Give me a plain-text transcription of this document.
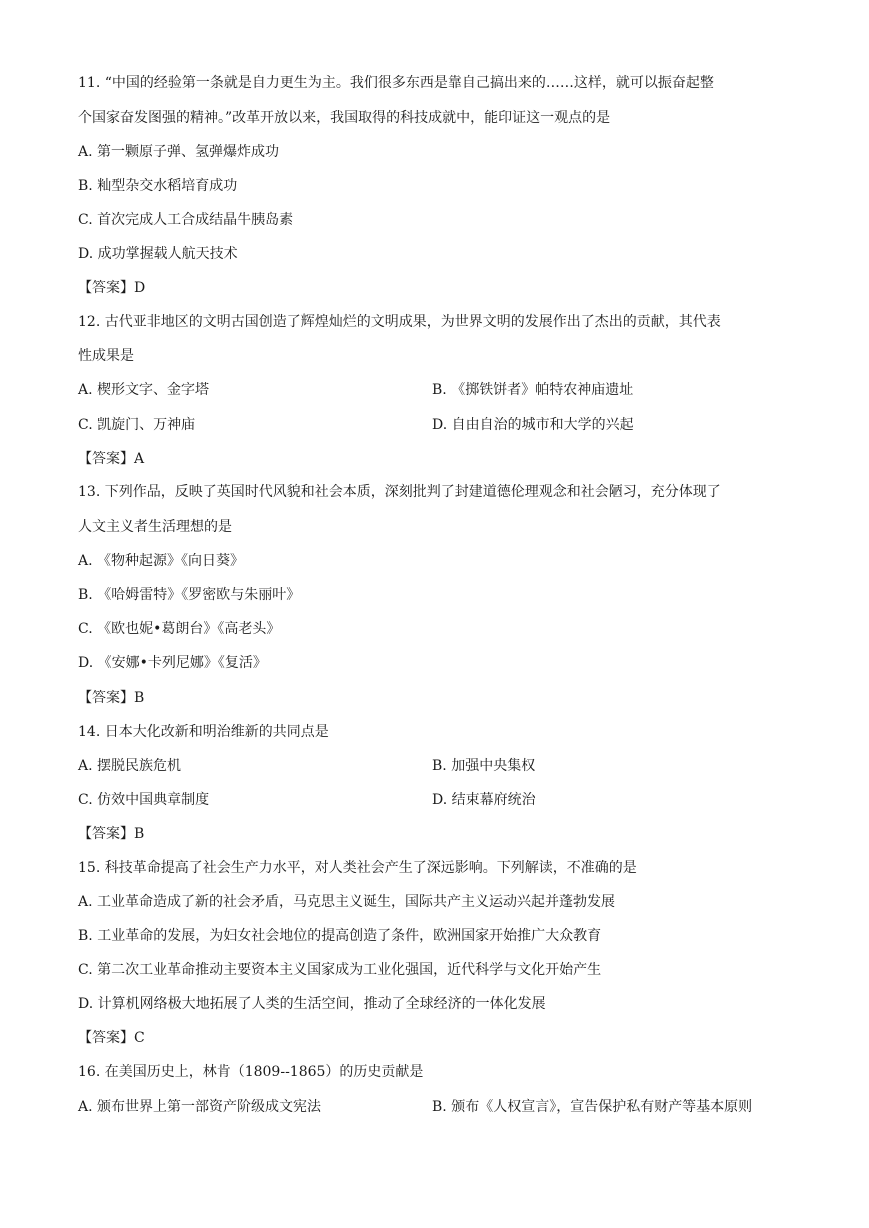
11. “中国的经验第一条就是自力更生为主。我们很多东西是靠自己搞出来的……这样，就可以振奋起整
个国家奋发图强的精神。”改革开放以来，我国取得的科技成就中，能印证这一观点的是
A. 第一颗原子弹、氢弹爆炸成功
B. 籼型杂交水稻培育成功
C. 首次完成人工合成结晶牛胰岛素
D. 成功掌握载人航天技术
【答案】D
12. 古代亚非地区的文明古国创造了辉煌灿烂的文明成果，为世界文明的发展作出了杰出的贡献，其代表
性成果是
A. 楔形文字、金字塔	B. 《掷铁饼者》帕特农神庙遗址
C. 凯旋门、万神庙	D. 自由自治的城市和大学的兴起
【答案】A
13. 下列作品，反映了英国时代风貌和社会本质，深刻批判了封建道德伦理观念和社会陋习，充分体现了
人文主义者生活理想的是
A. 《物种起源》《向日葵》
B. 《哈姆雷特》《罗密欧与朱丽叶》
C. 《欧也妮•葛朗台》《高老头》
D. 《安娜•卡列尼娜》《复活》
【答案】B
14. 日本大化改新和明治维新的共同点是
A. 摆脱民族危机	B. 加强中央集权
C. 仿效中国典章制度	D. 结束幕府统治
【答案】B
15. 科技革命提高了社会生产力水平，对人类社会产生了深远影响。下列解读，不准确的是
A. 工业革命造成了新的社会矛盾，马克思主义诞生，国际共产主义运动兴起并蓬勃发展
B. 工业革命的发展，为妇女社会地位的提高创造了条件，欧洲国家开始推广大众教育
C. 第二次工业革命推动主要资本主义国家成为工业化强国，近代科学与文化开始产生
D. 计算机网络极大地拓展了人类的生活空间，推动了全球经济的一体化发展
【答案】C
16. 在美国历史上，林肯（1809--1865）的历史贡献是
A. 颁布世界上第一部资产阶级成文宪法	B. 颁布《人权宣言》，宣告保护私有财产等基本原则
